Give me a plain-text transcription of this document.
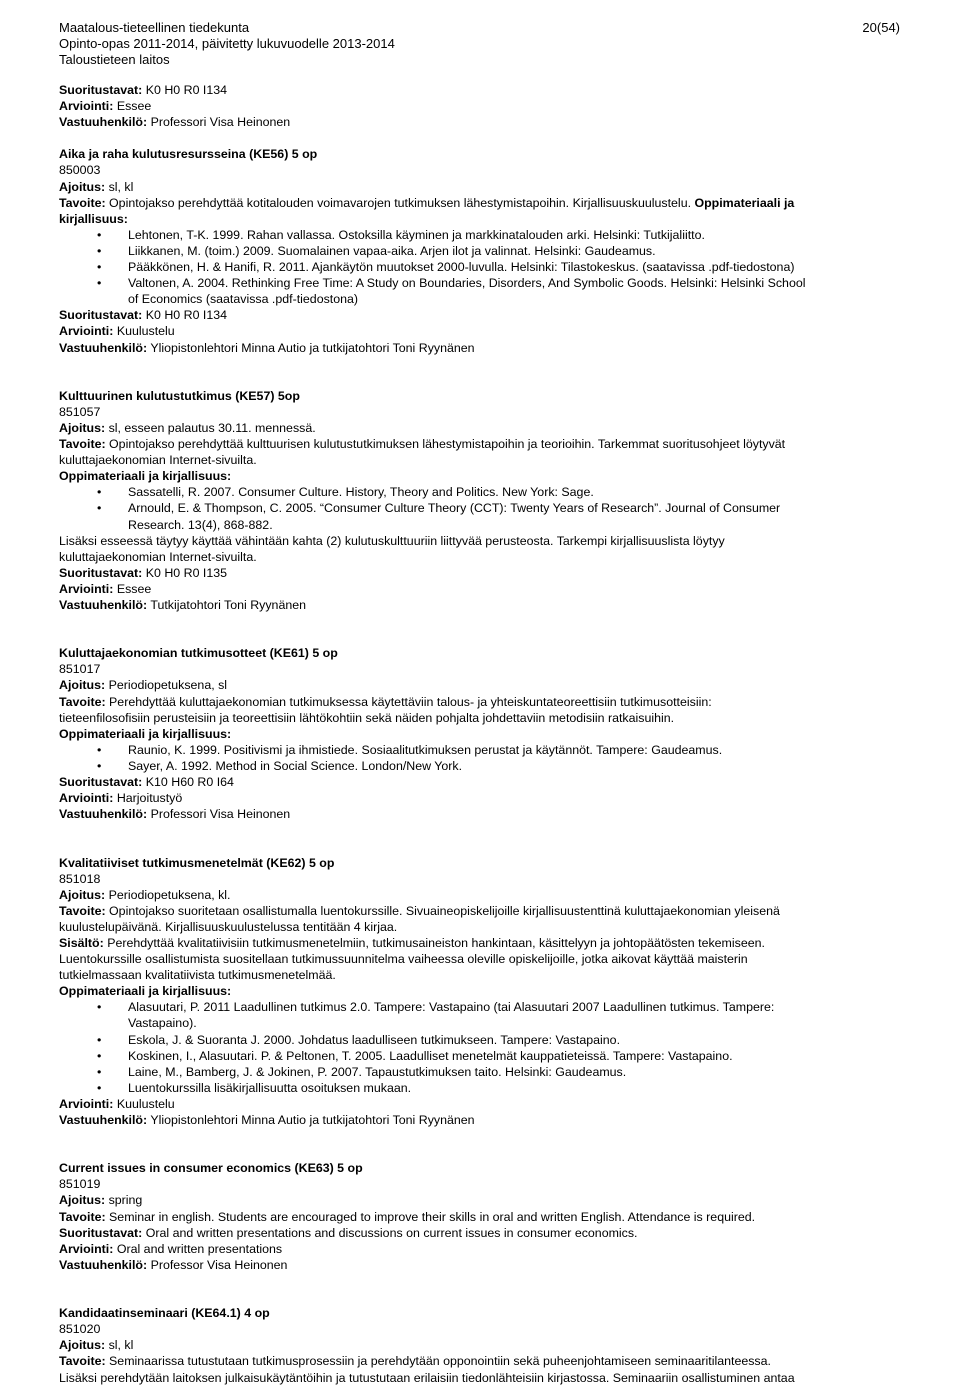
Maatalous-tieteellinen tiedekunta
Opinto-opas 2011-2014, päivitetty lukuvuodelle 2013-2014
Taloustieteen laitos
20(54)
Suoritustavat: K0 H0 R0 I134
Arviointi: Essee
Vastuuhenkilö: Professori Visa Heinonen
Aika ja raha kulutusresursseina (KE56) 5 op
850003
Ajoitus: sl, kl
Tavoite: Opintojakso perehdyttää kotitalouden voimavarojen tutkimuksen lähestymistapoihin. Kirjallisuuskuulustelu. Oppimateriaali ja
kirjallisuus:
• Lehtonen, T-K. 1999. Rahan vallassa. Ostoksilla käyminen ja markkinatalouden arki. Helsinki: Tutkijaliitto.
• Liikkanen, M. (toim.) 2009. Suomalainen vapaa-aika. Arjen ilot ja valinnat. Helsinki: Gaudeamus.
• Pääkkönen, H. & Hanifi, R. 2011. Ajankäytön muutokset 2000-luvulla. Helsinki: Tilastokeskus. (saatavissa .pdf-tiedostona)
• Valtonen, A. 2004. Rethinking Free Time: A Study on Boundaries, Disorders, And Symbolic Goods. Helsinki: Helsinki School
of Economics (saatavissa .pdf-tiedostona)
Suoritustavat: K0 H0 R0 I134
Arviointi: Kuulustelu
Vastuuhenkilö: Yliopistonlehtori Minna Autio ja tutkijatohtori Toni Ryynänen
Kulttuurinen kulutustutkimus (KE57) 5op
851057
Ajoitus: sl, esseen palautus 30.11. mennessä.
Tavoite: Opintojakso perehdyttää kulttuurisen kulutustutkimuksen lähestymistapoihin ja teorioihin. Tarkemmat suoritusohjeet löytyvät
kuluttajaekonomian Internet-sivuilta.
Oppimateriaali ja kirjallisuus:
• Sassatelli, R. 2007. Consumer Culture. History, Theory and Politics. New York: Sage.
• Arnould, E. & Thompson, C. 2005. “Consumer Culture Theory (CCT): Twenty Years of Research”. Journal of Consumer
Research. 13(4), 868-882.
Lisäksi esseessä täytyy käyttää vähintään kahta (2) kulutuskulttuuriin liittyvää perusteosta. Tarkempi kirjallisuuslista löytyy
kuluttajaekonomian Internet-sivuilta.
Suoritustavat: K0 H0 R0 I135
Arviointi: Essee
Vastuuhenkilö: Tutkijatohtori Toni Ryynänen
Kuluttajaekonomian tutkimusotteet (KE61) 5 op
851017
Ajoitus: Periodiopetuksena, sl
Tavoite: Perehdyttää kuluttajaekonomian tutkimuksessa käytettäviin talous- ja yhteiskuntateoreettisiin tutkimusotteisiin:
tieteenfilosofisiin perusteisiin ja teoreettisiin lähtökohtiin sekä näiden pohjalta johdettaviin metodisiin ratkaisuihin.
Oppimateriaali ja kirjallisuus:
• Raunio, K. 1999. Positivismi ja ihmistiede. Sosiaalitutkimuksen perustat ja käytännöt. Tampere: Gaudeamus.
• Sayer, A. 1992. Method in Social Science. London/New York.
Suoritustavat: K10 H60 R0 I64
Arviointi: Harjoitustyö
Vastuuhenkilö: Professori Visa Heinonen
Kvalitatiiviset tutkimusmenetelmät (KE62) 5 op
851018
Ajoitus: Periodiopetuksena, kl.
Tavoite: Opintojakso suoritetaan osallistumalla luentokurssille. Sivuaineopiskelijoille kirjallisuustenttinä kuluttajaekonomian yleisenä
kuulustelupäivänä. Kirjallisuuskuulustelussa tentitään 4 kirjaa.
Sisältö: Perehdyttää kvalitatiivisiin tutkimusmenetelmiin, tutkimusaineiston hankintaan, käsittelyyn ja johtopäätösten tekemiseen.
Luentokurssille osallistumista suositellaan tutkimussuunnitelma vaiheessa oleville opiskelijoille, jotka aikovat käyttää maisterin
tutkielmassaan kvalitatiivista tutkimusmenetelmää.
Oppimateriaali ja kirjallisuus:
• Alasuutari, P. 2011 Laadullinen tutkimus 2.0. Tampere: Vastapaino (tai Alasuutari 2007 Laadullinen tutkimus. Tampere:
Vastapaino).
• Eskola, J. & Suoranta J. 2000. Johdatus laadulliseen tutkimukseen. Tampere: Vastapaino.
• Koskinen, I., Alasuutari. P. & Peltonen, T. 2005. Laadulliset menetelmät kauppatieteissä. Tampere: Vastapaino.
• Laine, M., Bamberg, J. & Jokinen, P. 2007. Tapaustutkimuksen taito. Helsinki: Gaudeamus.
• Luentokurssilla lisäkirjallisuutta osoituksen mukaan.
Arviointi: Kuulustelu
Vastuuhenkilö: Yliopistonlehtori Minna Autio ja tutkijatohtori Toni Ryynänen
Current issues in consumer economics (KE63) 5 op
851019
Ajoitus: spring
Tavoite: Seminar in english. Students are encouraged to improve their skills in oral and written English. Attendance is required.
Suoritustavat: Oral and written presentations and discussions on current issues in consumer economics.
Arviointi: Oral and written presentations
Vastuuhenkilö: Professor Visa Heinonen
Kandidaatinseminaari (KE64.1) 4 op
851020
Ajoitus: sl, kl
Tavoite: Seminaarissa tutustutaan tutkimusprosessiin ja perehdytään opponointiin sekä puheenjohtamiseen seminaaritilanteessa.
Lisäksi perehdytään laitoksen julkaisukäytäntöihin ja tutustutaan erilaisiin tiedonlähteisiin kirjastossa. Seminaariin osallistuminen antaa
